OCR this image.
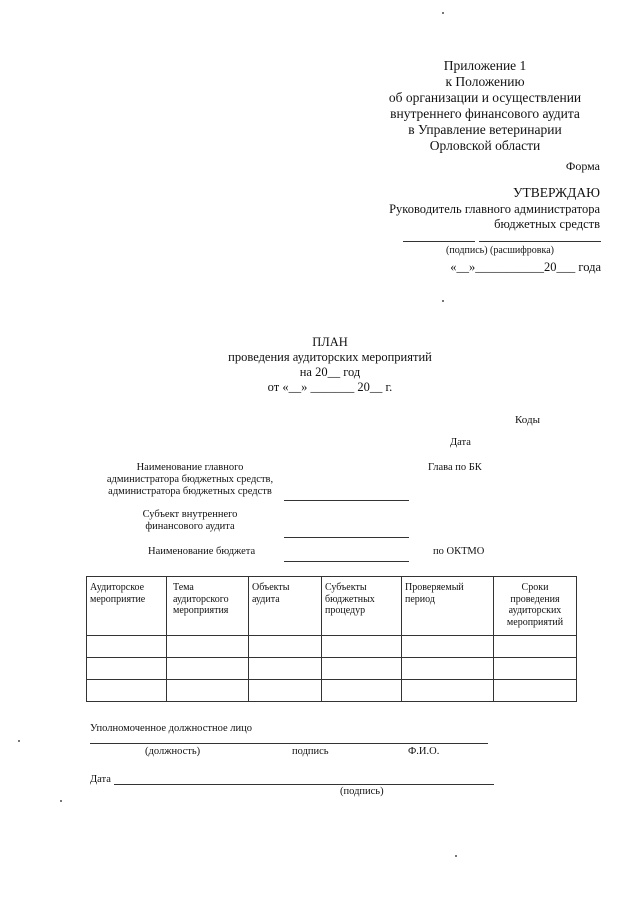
Приложение 1
к Положению
об организации и осуществлении
внутреннего финансового аудита
в Управление ветеринарии
Орловской области
Форма
УТВЕРЖДАЮ
Руководитель главного администратора
бюджетных средств
(подпись) (расшифровка)
«__»___________20___ года
ПЛАН
проведения аудиторских мероприятий
на 20__ год
от «__» _______ 20__ г.
Коды
Дата
Наименование главного
администратора бюджетных средств,
администратора бюджетных средств
Глава по БК
Субъект внутреннего
финансового аудита
Наименование бюджета	по ОКТМО
Аудиторское мероприятие	Тема аудиторского мероприятия	Объекты аудита	Субъекты бюджетных процедур	Проверяемый период	Сроки проведения аудиторских мероприятий

Уполномоченное должностное лицо
(должность)	подпись	Ф.И.О.
Дата
(подпись)
